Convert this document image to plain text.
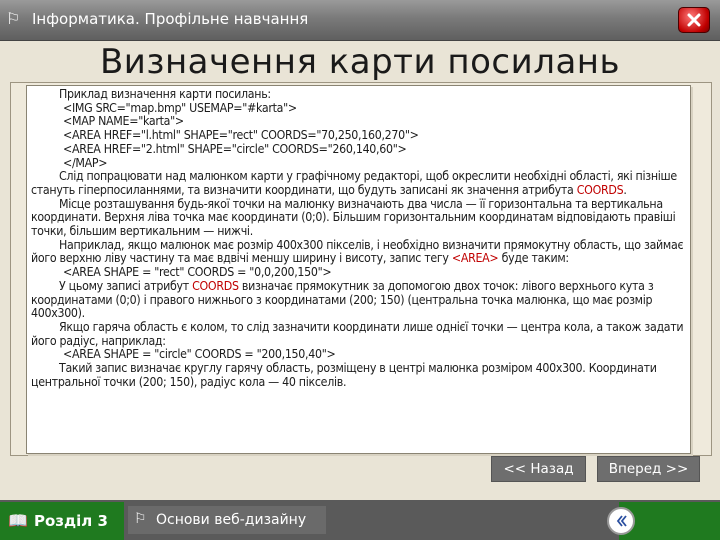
⚐ Інформатика. Профільне навчання
Визначення карти посилань
Приклад визначення карти посилань:
<IMG SRC="map.bmp" USEMAP="#karta">
<MAP NAME="karta">
<AREA HREF="l.html" SHAPE="rect" COORDS="70,250,160,270">
<AREA HREF="2.html" SHAPE="circle" COORDS="260,140,60">
</MAP>
Слід попрацювати над малюнком карти у графічному редакторі, щоб окреслити необхідні області, які пізніше стануть гіперпосиланнями, та визначити координати, що будуть записані як значення атрибута COORDS.
Місце розташування будь-якої точки на малюнку визначають два числа — її горизонтальна та вертикальна координати. Верхня ліва точка має координати (0;0). Більшим горизонтальним координатам відповідають правіші точки, більшим вертикальним — нижчі.
Наприклад, якщо малюнок має розмір 400x300 пікселів, і необхідно визначити прямокутну область, що займає його верхню ліву частину та має вдвічі меншу ширину і висоту, запис тегу <AREA> буде таким:
<AREA SHAPE = "rect" COORDS = "0,0,200,150">
У цьому записі атрибут COORDS визначає прямокутник за допомогою двох точок: лівого верхнього кута з координатами (0;0) і правого нижнього з координатами (200; 150) (центральна точка малюнка, що має розмір 400x300).
Якщо гаряча область є колом, то слід зазначити координати лише однієї точки — центра кола, а також задати його радіус, наприклад:
<AREA SHAPE = "circle" COORDS = "200,150,40">
Такий запис визначає круглу гарячу область, розміщену в центрі малюнка розміром 400x300. Координати центральної точки (200; 150), радіус кола — 40 пікселів.
<< Назад	Вперед >>
📖 Розділ 3 ⚐ Основи веб-дизайну
